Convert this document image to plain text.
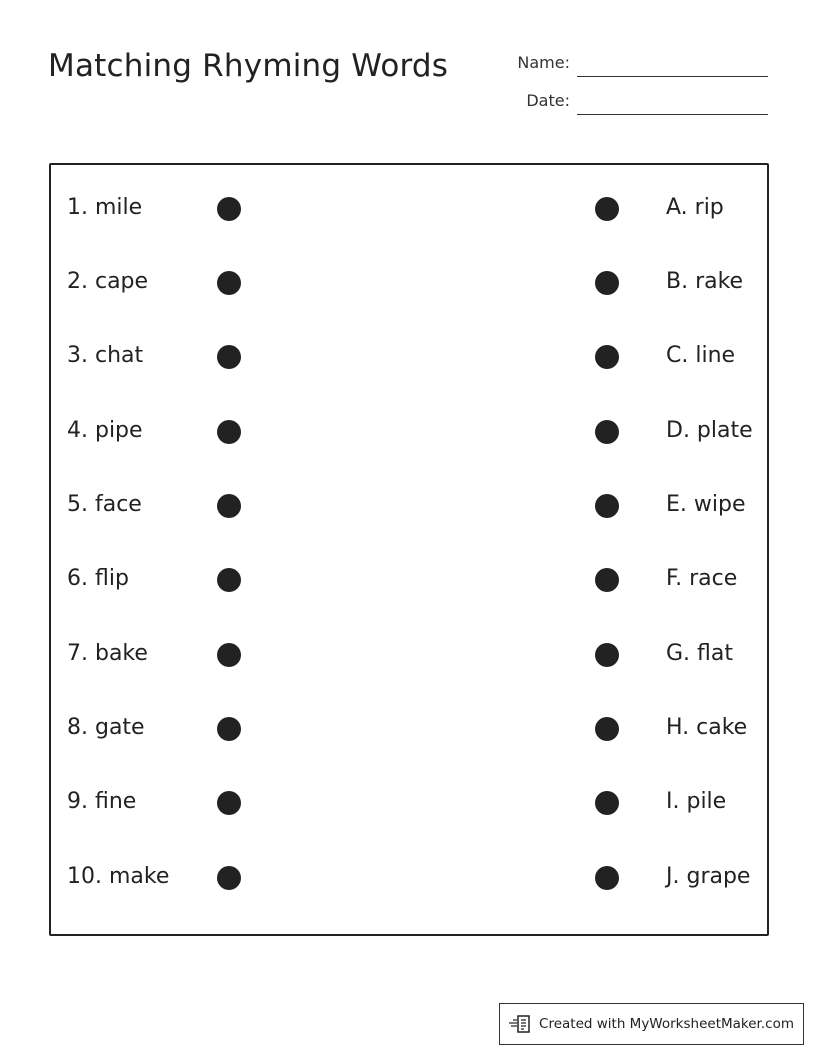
Matching Rhyming Words	Name:
Date:
1. mile	A. rip
2. cape	B. rake
3. chat	C. line
4. pipe	D. plate
5. face	E. wipe
6. flip	F. race
7. bake	G. flat
8. gate	H. cake
9. fine	I. pile
10. make	J. grape
Created with MyWorksheetMaker.com
